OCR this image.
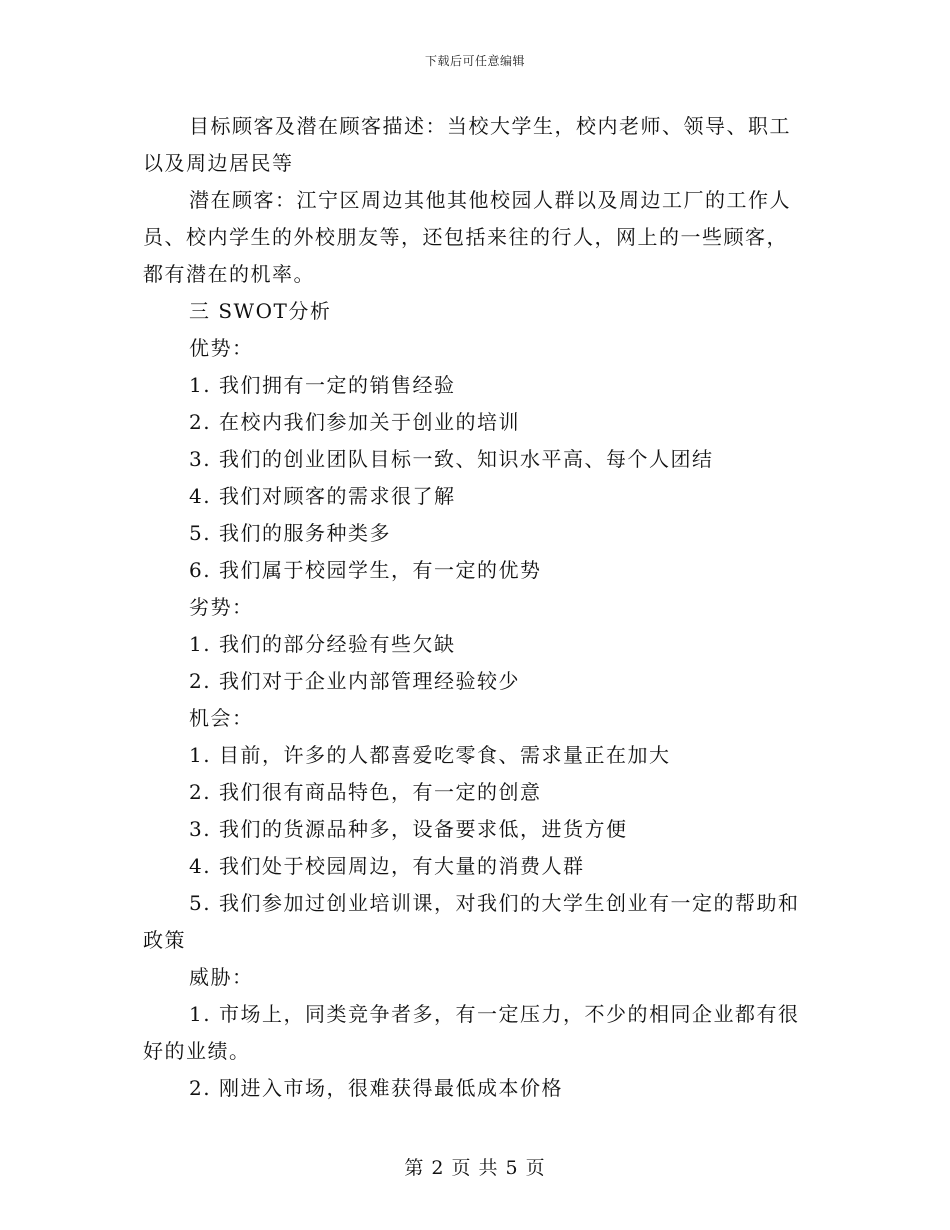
下载后可任意编辑
目标顾客及潜在顾客描述：当校大学生，校内老师、领导、职工
以及周边居民等
潜在顾客：江宁区周边其他其他校园人群以及周边工厂的工作人
员、校内学生的外校朋友等，还包括来往的行人，网上的一些顾客，
都有潜在的机率。
三 SWOT分析
优势：
1. 我们拥有一定的销售经验
2. 在校内我们参加关于创业的培训
3. 我们的创业团队目标一致、知识水平高、每个人团结
4. 我们对顾客的需求很了解
5. 我们的服务种类多
6. 我们属于校园学生，有一定的优势
劣势：
1. 我们的部分经验有些欠缺
2. 我们对于企业内部管理经验较少
机会：
1. 目前，许多的人都喜爱吃零食、需求量正在加大
2. 我们很有商品特色，有一定的创意
3. 我们的货源品种多，设备要求低，进货方便
4. 我们处于校园周边，有大量的消费人群
5. 我们参加过创业培训课，对我们的大学生创业有一定的帮助和
政策
威胁：
1. 市场上，同类竞争者多，有一定压力，不少的相同企业都有很
好的业绩。
2. 刚进入市场，很难获得最低成本价格
第 2 页 共 5 页
